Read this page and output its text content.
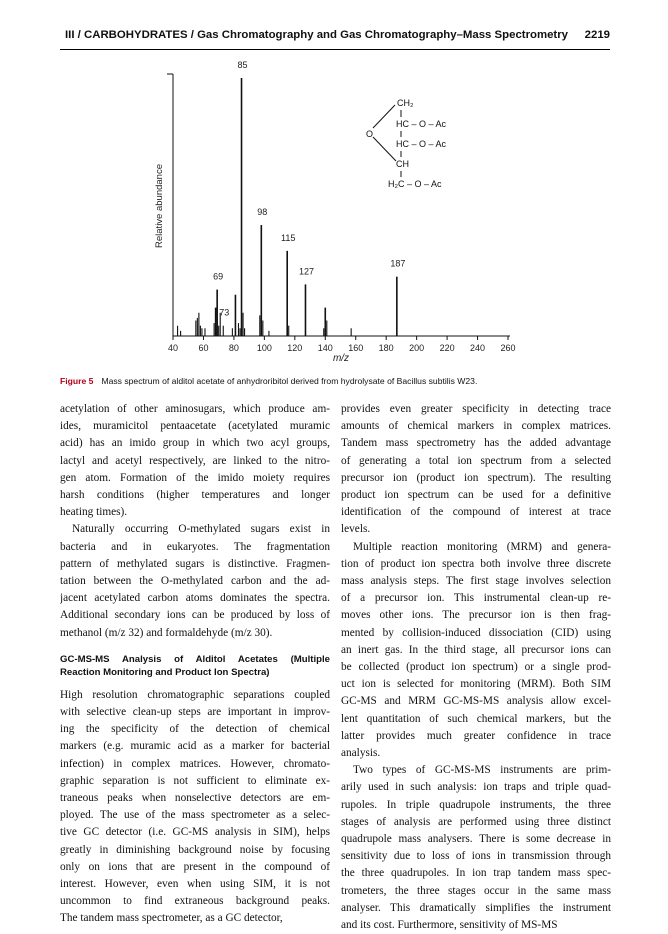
III / CARBOHYDRATES / Gas Chromatography and Gas Chromatography–Mass Spectrometry 2219
Relative abundance
40 60 80 100 120 140 160 180 200 220 240 260
73
69
85
98
115
127
187
m/z
CH₂
HC – O – Ac
HC – O – Ac
CH
H₂C – O – Ac
O
Figure 5 Mass spectrum of alditol acetate of anhydroribitol derived from hydrolysate of Bacillus subtilis W23.
acetylation of other aminosugars, which produce am-
ides, muramicitol pentaacetate (acetylated muramic
acid) has an imido group in which two acyl groups,
lactyl and acetyl respectively, are linked to the nitro-
gen atom. Formation of the imido moiety requires
harsh conditions (higher temperatures and longer
heating times).
Naturally occurring O-methylated sugars exist in
bacteria and in eukaryotes. The fragmentation
pattern of methylated sugars is distinctive. Fragmen-
tation between the O-methylated carbon and the ad-
jacent acetylated carbon atoms dominates the spectra.
Additional secondary ions can be produced by loss of
methanol (m/z 32) and formaldehyde (m/z 30).
GC-MS-MS Analysis of Alditol Acetates (Multiple
Reaction Monitoring and Product Ion Spectra)
High resolution chromatographic separations coupled
with selective clean-up steps are important in improv-
ing the specificity of the detection of chemical
markers (e.g. muramic acid as a marker for bacterial
infection) in complex matrices. However, chromato-
graphic separation is not sufficient to eliminate ex-
traneous peaks when nonselective detectors are em-
ployed. The use of the mass spectrometer as a selec-
tive GC detector (i.e. GC-MS analysis in SIM), helps
greatly in diminishing background noise by focusing
only on ions that are present in the compound of
interest. However, even when using SIM, it is not
uncommon to find extraneous background peaks.
The tandem mass spectrometer, as a GC detector,
provides even greater specificity in detecting trace
amounts of chemical markers in complex matrices.
Tandem mass spectrometry has the added advantage
of generating a total ion spectrum from a selected
precursor ion (product ion spectrum). The resulting
product ion spectrum can be used for a definitive
identification of the compound of interest at trace
levels.
Multiple reaction monitoring (MRM) and genera-
tion of product ion spectra both involve three discrete
mass analysis steps. The first stage involves selection
of a precursor ion. This instrumental clean-up re-
moves other ions. The precursor ion is then frag-
mented by collision-induced dissociation (CID) using
an inert gas. In the third stage, all precursor ions can
be collected (product ion spectrum) or a single prod-
uct ion is selected for monitoring (MRM). Both SIM
GC-MS and MRM GC-MS-MS analysis allow excel-
lent quantitation of such chemical markers, but the
latter provides much greater confidence in trace
analysis.
Two types of GC-MS-MS instruments are prim-
arily used in such analysis: ion traps and triple quad-
rupoles. In triple quadrupole instruments, the three
stages of analysis are performed using three distinct
quadrupole mass analysers. There is some decrease in
sensitivity due to loss of ions in transmission through
the three quadrupoles. In ion trap tandem mass spec-
trometers, the three stages occur in the same mass
analyser. This dramatically simplifies the instrument
and its cost. Furthermore, sensitivity of MS-MS
